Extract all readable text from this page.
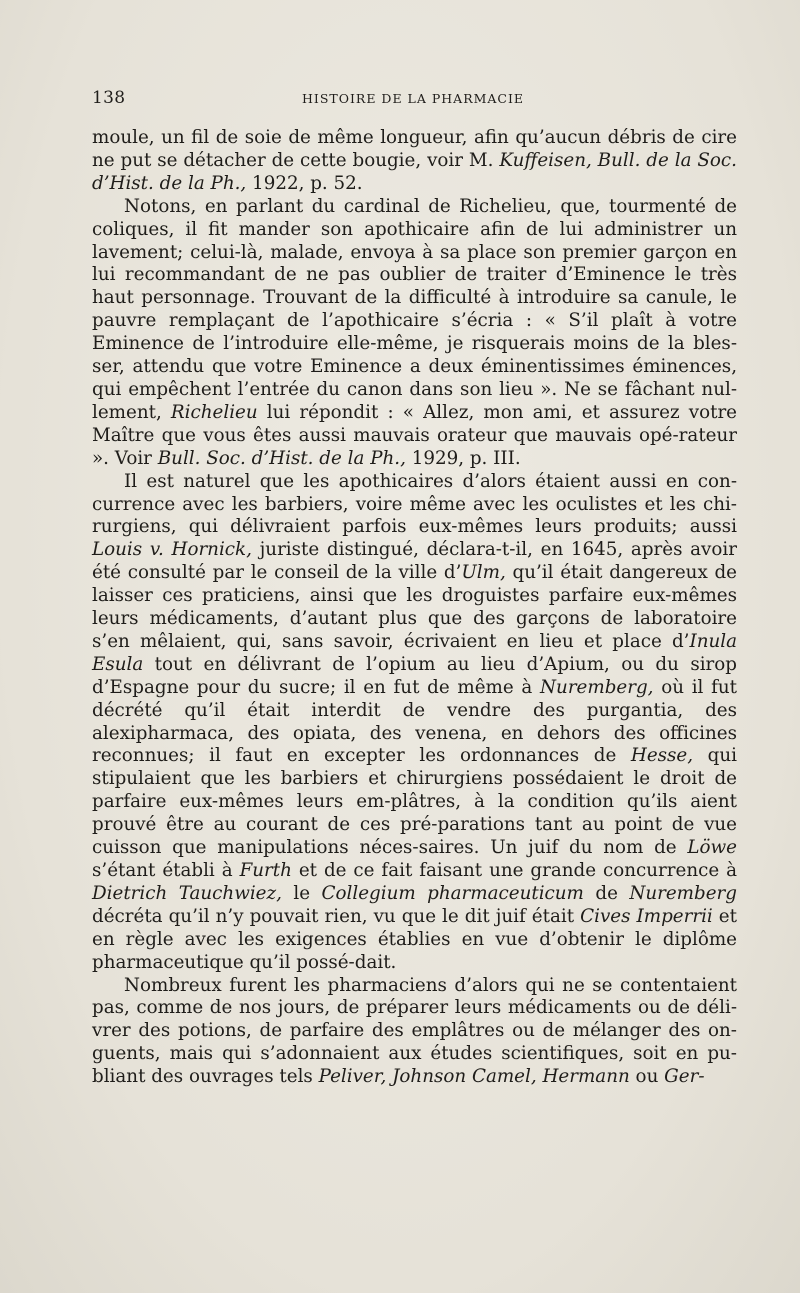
138	HISTOIRE DE LA PHARMACIE

moule, un fil de soie de même longueur, afin qu’aucun débris de cire ne put se détacher de cette bougie, voir M. Kuffeisen, Bull. de la Soc. d’Hist. de la Ph., 1922, p. 52.

Notons, en parlant du cardinal de Richelieu, que, tourmenté de coliques, il fit mander son apothicaire afin de lui administrer un lavement; celui-là, malade, envoya à sa place son premier garçon en lui recommandant de ne pas oublier de traiter d’Eminence le très haut personnage. Trouvant de la difficulté à introduire sa canule, le pauvre remplaçant de l’apothicaire s’écria : « S’il plaît à votre Eminence de l’introduire elle-même, je risquerais moins de la bles-ser, attendu que votre Eminence a deux éminentissimes éminences, qui empêchent l’entrée du canon dans son lieu ». Ne se fâchant nul-lement, Richelieu lui répondit : « Allez, mon ami, et assurez votre Maître que vous êtes aussi mauvais orateur que mauvais opé-rateur ». Voir Bull. Soc. d’Hist. de la Ph., 1929, p. III.

Il est naturel que les apothicaires d’alors étaient aussi en con-currence avec les barbiers, voire même avec les oculistes et les chi-rurgiens, qui délivraient parfois eux-mêmes leurs produits; aussi Louis v. Hornick, juriste distingué, déclara-t-il, en 1645, après avoir été consulté par le conseil de la ville d’Ulm, qu’il était dangereux de laisser ces praticiens, ainsi que les droguistes parfaire eux-mêmes leurs médicaments, d’autant plus que des garçons de laboratoire s’en mêlaient, qui, sans savoir, écrivaient en lieu et place d’Inula Esula tout en délivrant de l’opium au lieu d’Apium, ou du sirop d’Espagne pour du sucre; il en fut de même à Nuremberg, où il fut décrété qu’il était interdit de vendre des purgantia, des alexipharmaca, des opiata, des venena, en dehors des officines reconnues; il faut en excepter les ordonnances de Hesse, qui stipulaient que les barbiers et chirurgiens possédaient le droit de parfaire eux-mêmes leurs em-plâtres, à la condition qu’ils aient prouvé être au courant de ces pré-parations tant au point de vue cuisson que manipulations néces-saires. Un juif du nom de Löwe s’étant établi à Furth et de ce fait faisant une grande concurrence à Dietrich Tauchwiez, le Collegium pharmaceuticum de Nuremberg décréta qu’il n’y pouvait rien, vu que le dit juif était Cives Imperrii et en règle avec les exigences établies en vue d’obtenir le diplôme pharmaceutique qu’il possé-dait.

Nombreux furent les pharmaciens d’alors qui ne se contentaient pas, comme de nos jours, de préparer leurs médicaments ou de déli-vrer des potions, de parfaire des emplâtres ou de mélanger des on-guents, mais qui s’adonnaient aux études scientifiques, soit en pu-bliant des ouvrages tels Peliver, Johnson Camel, Hermann ou Ger-
